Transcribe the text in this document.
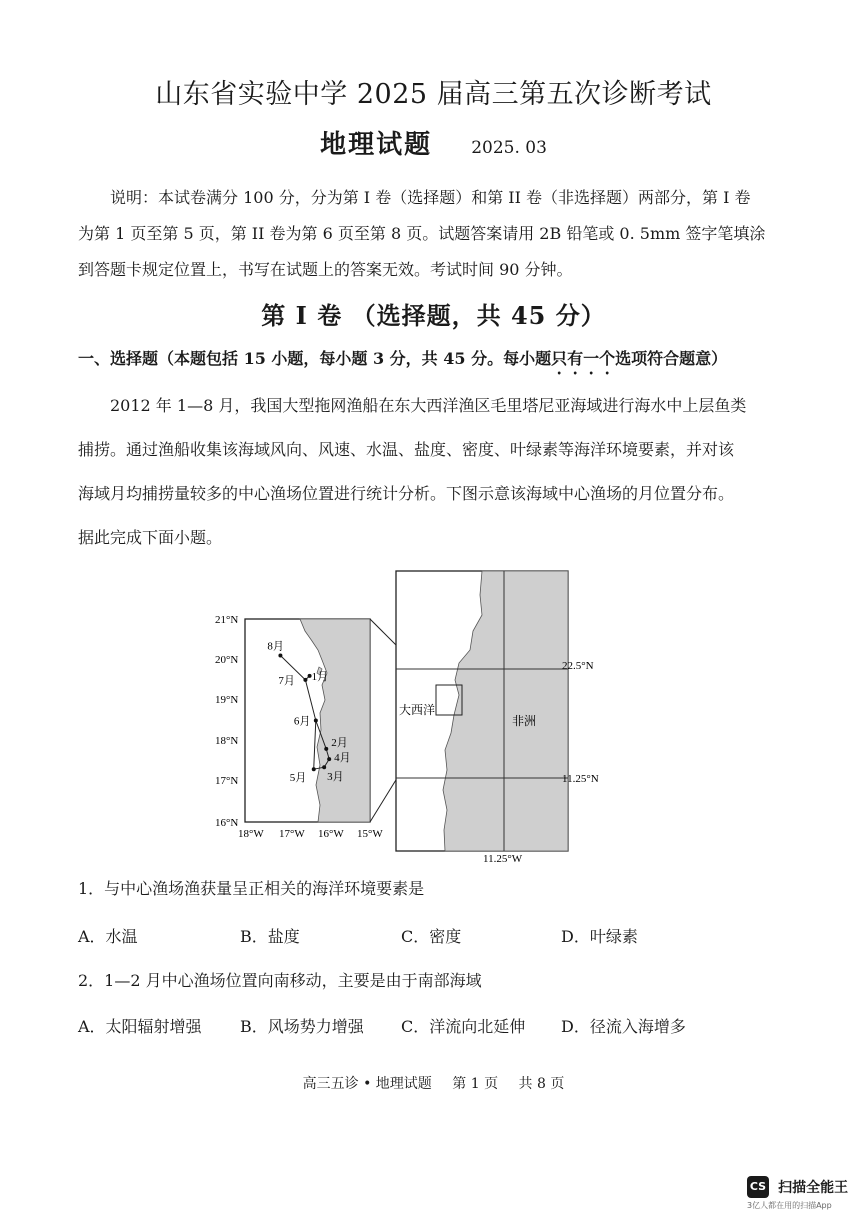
山东省实验中学 2025 届高三第五次诊断考试
地理试题 2025. 03
说明：本试卷满分 100 分，分为第 I 卷（选择题）和第 II 卷（非选择题）两部分，第 I 卷
为第 1 页至第 5 页，第 II 卷为第 6 页至第 8 页。试题答案请用 2B 铅笔或 0. 5mm 签字笔填涂
到答题卡规定位置上，书写在试题上的答案无效。考试时间 90 分钟。
第 I 卷 （选择题，共 45 分）
一、选择题（本题包括 15 小题，每小题 3 分，共 45 分。每小题只有一个选项符合题意）
2012 年 1—8 月，我国大型拖网渔船在东大西洋渔区毛里塔尼亚海域进行海水中上层鱼类
捕捞。通过渔船收集该海域风向、风速、水温、盐度、密度、叶绿素等海洋环境要素，并对该
海域月均捕捞量较多的中心渔场位置进行统计分析。下图示意该海域中心渔场的月位置分布。
据此完成下面小题。
21°N
20°N
19°N
18°N
17°N
16°N
18°W 17°W 16°W 15°W
8月
7月 1月
6月
2月
4月
3月
5月
大西洋
非洲
22.5°N
11.25°N
11.25°W
1．与中心渔场渔获量呈正相关的海洋环境要素是
A．水温	B．盐度	C．密度	D．叶绿素
2．1—2 月中心渔场位置向南移动，主要是由于南部海域
A．太阳辐射增强 B．风场势力增强 C．洋流向北延伸 D．径流入海增多
高三五诊 • 地理试题 第 1 页 共 8 页
CS 扫描全能王
3亿人都在用的扫描App
